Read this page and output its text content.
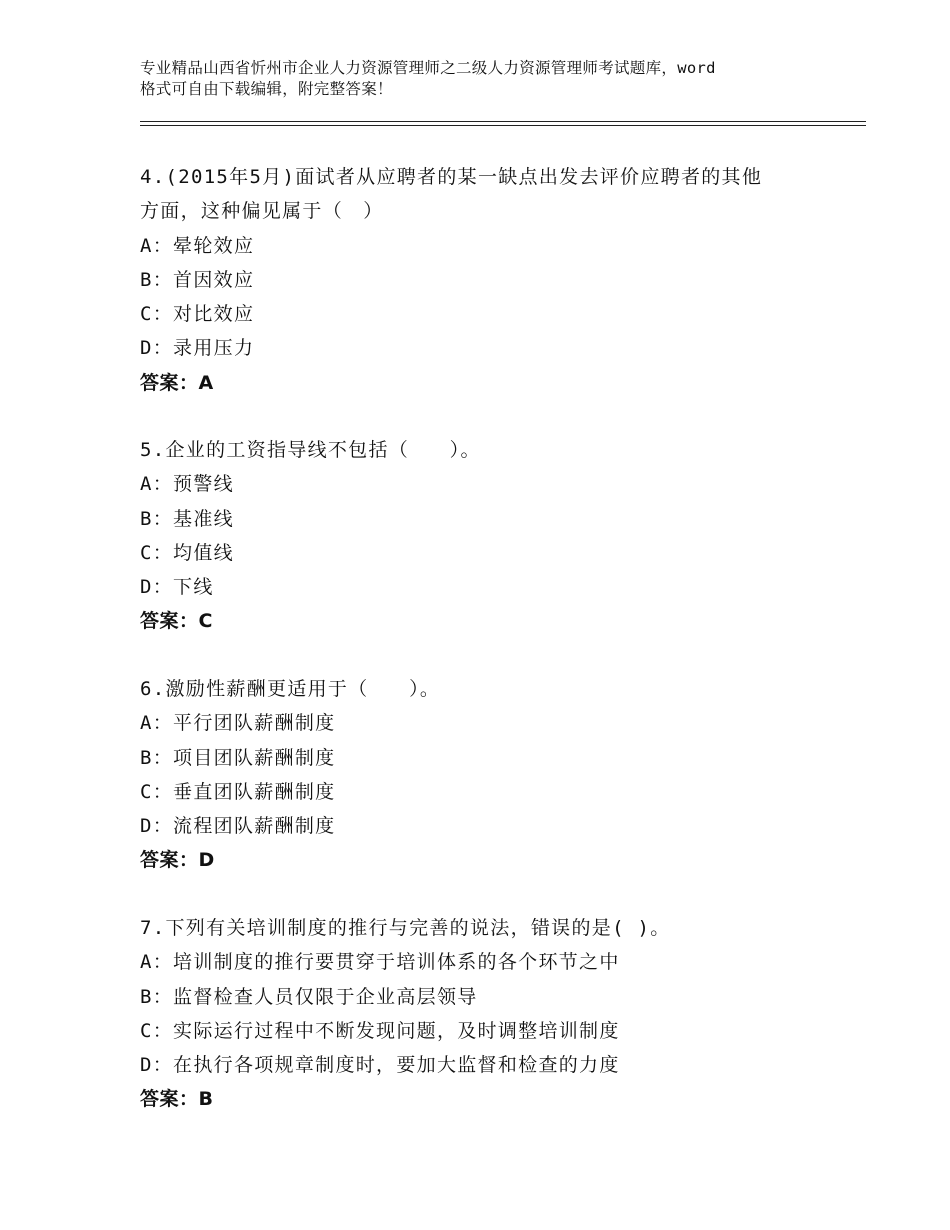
专业精品山西省忻州市企业人力资源管理师之二级人力资源管理师考试题库，word
格式可自由下载编辑，附完整答案！
4.(2015年5月)面试者从应聘者的某一缺点出发去评价应聘者的其他
方面，这种偏见属于（　）
A：晕轮效应
B：首因效应
C：对比效应
D：录用压力
答案：A
5.企业的工资指导线不包括（　　）。
A：预警线
B：基准线
C：均值线
D：下线
答案：C
6.激励性薪酬更适用于（　　）。
A：平行团队薪酬制度
B：项目团队薪酬制度
C：垂直团队薪酬制度
D：流程团队薪酬制度
答案：D
7.下列有关培训制度的推行与完善的说法，错误的是( )。
A：培训制度的推行要贯穿于培训体系的各个环节之中
B：监督检查人员仅限于企业高层领导
C：实际运行过程中不断发现问题，及时调整培训制度
D：在执行各项规章制度时，要加大监督和检查的力度
答案：B
